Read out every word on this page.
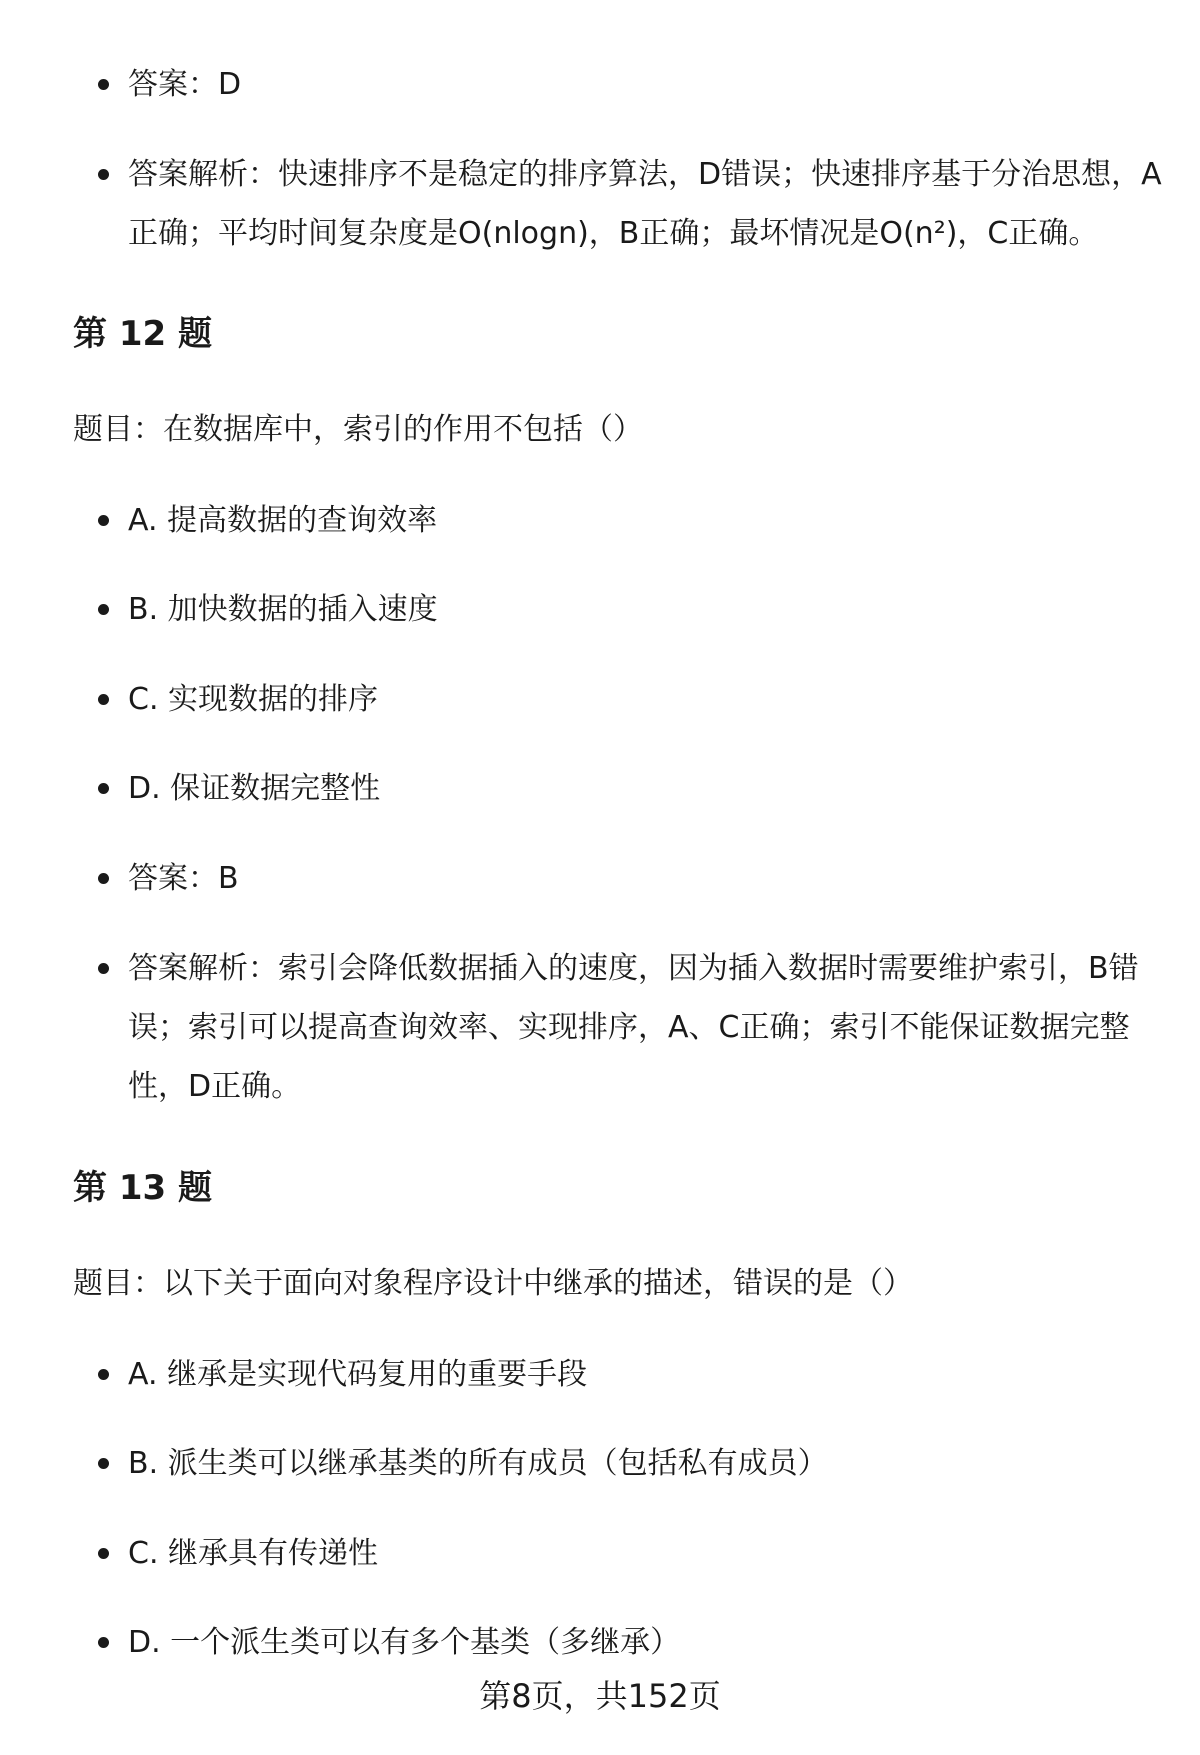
答案：D
答案解析：快速排序不是稳定的排序算法，D错误；快速排序基于分治思想，A正确；平均时间复杂度是O(nlogn)，B正确；最坏情况是O(n²)，C正确。
第 12 题
题目：在数据库中，索引的作用不包括（）
A. 提高数据的查询效率
B. 加快数据的插入速度
C. 实现数据的排序
D. 保证数据完整性
答案：B
答案解析：索引会降低数据插入的速度，因为插入数据时需要维护索引，B错误；索引可以提高查询效率、实现排序，A、C正确；索引不能保证数据完整性，D正确。
第 13 题
题目：以下关于面向对象程序设计中继承的描述，错误的是（）
A. 继承是实现代码复用的重要手段
B. 派生类可以继承基类的所有成员（包括私有成员）
C. 继承具有传递性
D. 一个派生类可以有多个基类（多继承）
第8页，共152页
